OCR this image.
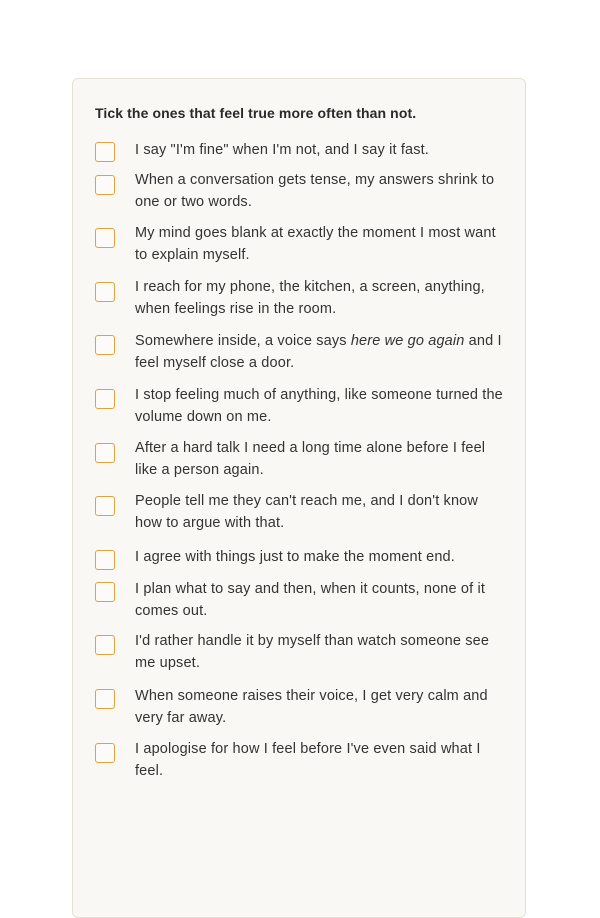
Tick the ones that feel true more often than not.
I say "I'm fine" when I'm not, and I say it fast.
When a conversation gets tense, my answers shrink to one or two words.
My mind goes blank at exactly the moment I most want to explain myself.
I reach for my phone, the kitchen, a screen, anything, when feelings rise in the room.
Somewhere inside, a voice says here we go again and I feel myself close a door.
I stop feeling much of anything, like someone turned the volume down on me.
After a hard talk I need a long time alone before I feel like a person again.
People tell me they can't reach me, and I don't know how to argue with that.
I agree with things just to make the moment end.
I plan what to say and then, when it counts, none of it comes out.
I'd rather handle it by myself than watch someone see me upset.
When someone raises their voice, I get very calm and very far away.
I apologise for how I feel before I've even said what I feel.
